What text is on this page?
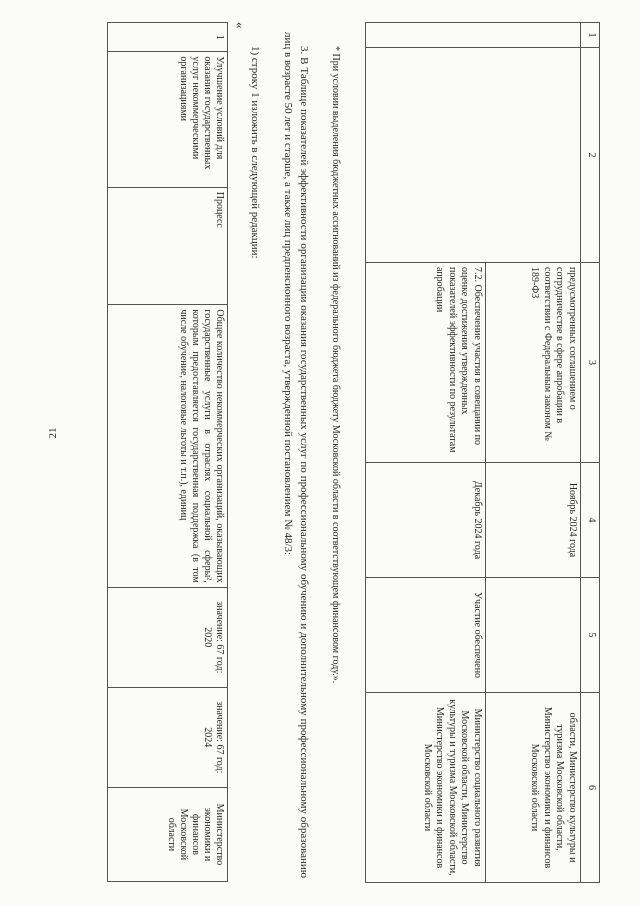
21
1	2	3	4	5	6
		предусмотренных соглашением о сотрудничестве в сфере апробации в соответствии с Федеральным законом № 189-ФЗ	Ноябрь 2024 года		области, Министерство культуры и туризма Московской области, Министерство экономики и финансов Московской области
		7.2. Обеспечение участия в совещании по оценке достижения утвержденных показателей эффективности по результатам апробации	Декабрь 2024 года	Участие обеспечено	Министерство социального развития Московской области, Министерство культуры и туризма Московской области, Министерство экономики и финансов Московской области
* При условии выделения бюджетных ассигнований из федерального бюджета бюджету Московской области в соответствующем финансовом году.».
3. В Таблице показателей эффективности организации оказания государственных услуг по профессиональному обучению и дополнительному профессиональному образованию лиц в возрасте 50 лет и старше, а также лиц предпенсионного возраста, утвержденной постановлением № 48/3:
1) строку 1 изложить в следующей редакции:
«
1	Улучшение условий для оказания государственных услуг некоммерческими организациями	Процесс	Общее количество некоммерческих организаций, оказывающих государственные услуги в отраслях социальной сферы², которым предоставляется государственная поддержка (в том числе обучение, налоговые льготы и т.п.), единиц	значение: 67 год: 2020	значение: 67 год: 2024	Министерство экономики и финансов Московской области
